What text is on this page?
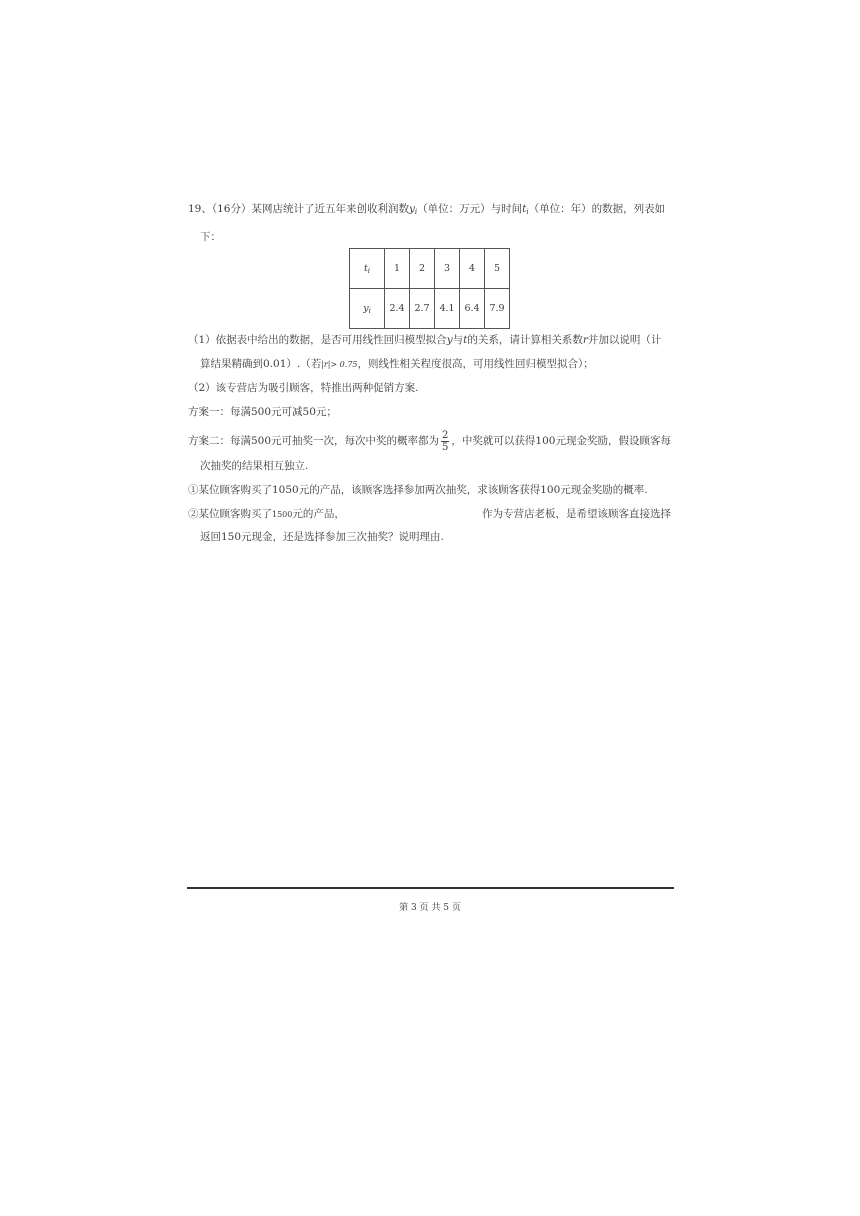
19、（16分）某网店统计了近五年来创收利润数$y_i$（单位：万元）与时间$t_i$（单位：年）的数据，列表如
下：
$t_i$	1	2	3	4	5
$y_i$	2.4	2.7	4.1	6.4	7.9
（1）依据表中给出的数据，是否可用线性回归模型拟合y与t的关系，请计算相关系数r并加以说明（计
算结果精确到0.01）.（若|r|> 0.75，则线性相关程度很高，可用线性回归模型拟合）；
（2）该专营店为吸引顾客，特推出两种促销方案.
方案一：每满500元可减50元；
方案二：每满500元可抽奖一次，每次中奖的概率都为 $\frac{2}{5}$ ，中奖就可以获得100元现金奖励，假设顾客每
次抽奖的结果相互独立.
①某位顾客购买了1050元的产品，该顾客选择参加两次抽奖，求该顾客获得100元现金奖励的概率.
②某位顾客购买了1500元的产品，	作为专营店老板，是希望该顾客直接选择
返回150元现金，还是选择参加三次抽奖？说明理由.
第 3 页 共 5 页
